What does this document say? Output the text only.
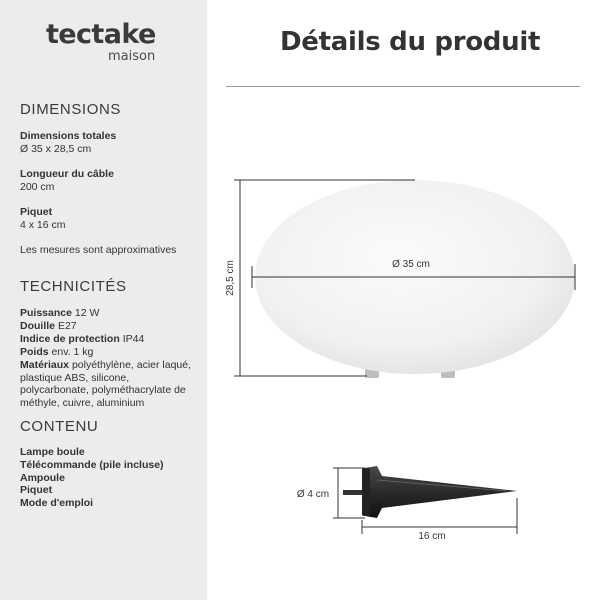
tectake
maison
DIMENSIONS
Dimensions totales
Ø 35 x 28,5 cm
Longueur du câble
200 cm
Piquet
4 x 16 cm
Les mesures sont approximatives
TECHNICITÉS
Puissance 12 W
Douille E27
Indice de protection IP44
Poids env. 1 kg
Matériaux polyéthylène, acier laqué, plastique ABS, silicone, polycarbonate, polyméthacrylate de méthyle, cuivre, aluminium
CONTENU
Lampe boule
Télécommande (pile incluse)
Ampoule
Piquet
Mode d'emploi
Détails du produit
28,5 cm	Ø 35 cm
Ø 4 cm
16 cm
